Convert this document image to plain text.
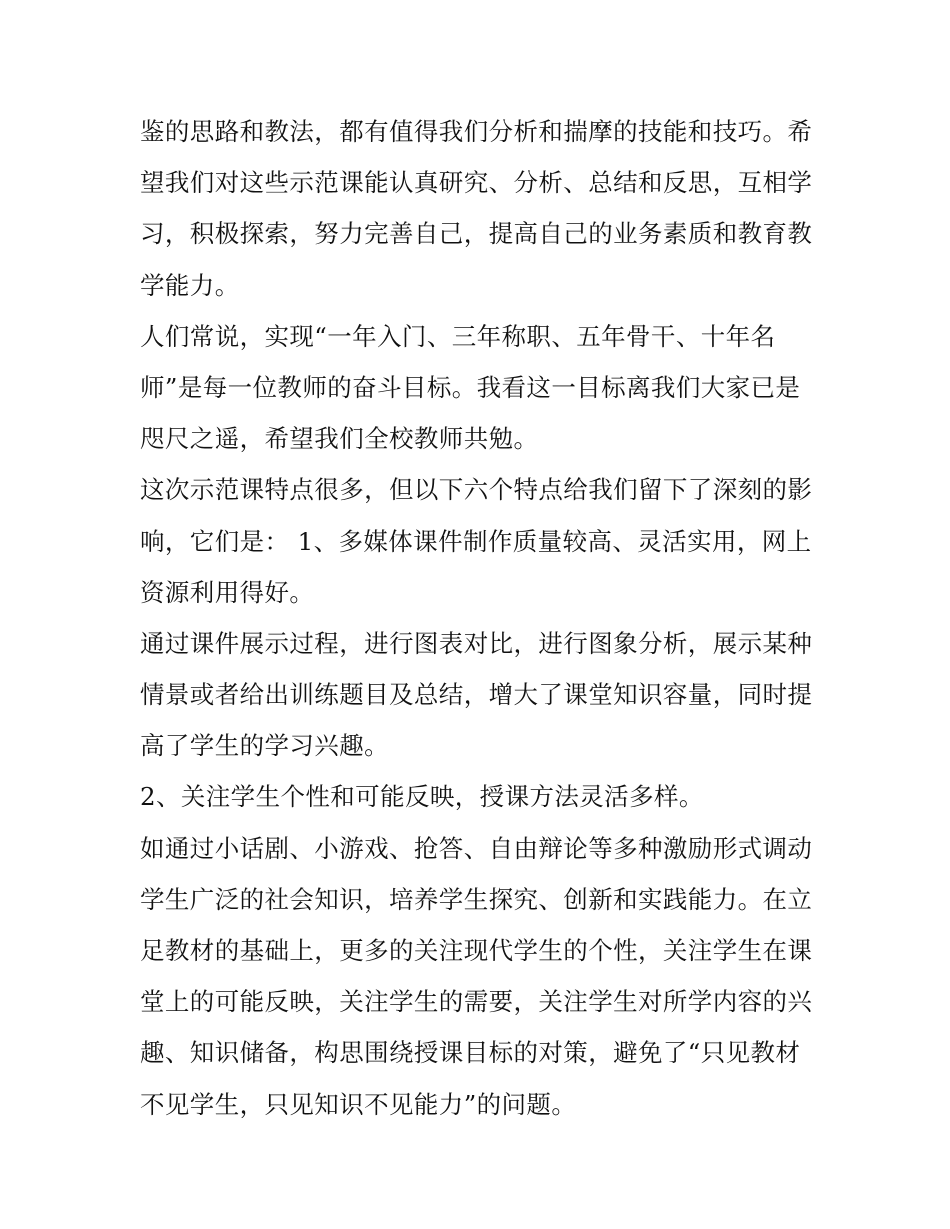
鉴的思路和教法，都有值得我们分析和揣摩的技能和技巧。希
望我们对这些示范课能认真研究、分析、总结和反思，互相学
习，积极探索，努力完善自己，提高自己的业务素质和教育教
学能力。
人们常说，实现“一年入门、三年称职、五年骨干、十年名
师”是每一位教师的奋斗目标。我看这一目标离我们大家已是
咫尺之遥，希望我们全校教师共勉。
这次示范课特点很多，但以下六个特点给我们留下了深刻的影
响，它们是： 1、多媒体课件制作质量较高、灵活实用，网上
资源利用得好。
通过课件展示过程，进行图表对比，进行图象分析，展示某种
情景或者给出训练题目及总结，增大了课堂知识容量，同时提
高了学生的学习兴趣。
2、关注学生个性和可能反映，授课方法灵活多样。
如通过小话剧、小游戏、抢答、自由辩论等多种激励形式调动
学生广泛的社会知识，培养学生探究、创新和实践能力。在立
足教材的基础上，更多的关注现代学生的个性，关注学生在课
堂上的可能反映，关注学生的需要，关注学生对所学内容的兴
趣、知识储备，构思围绕授课目标的对策，避免了“只见教材
不见学生，只见知识不见能力”的问题。
